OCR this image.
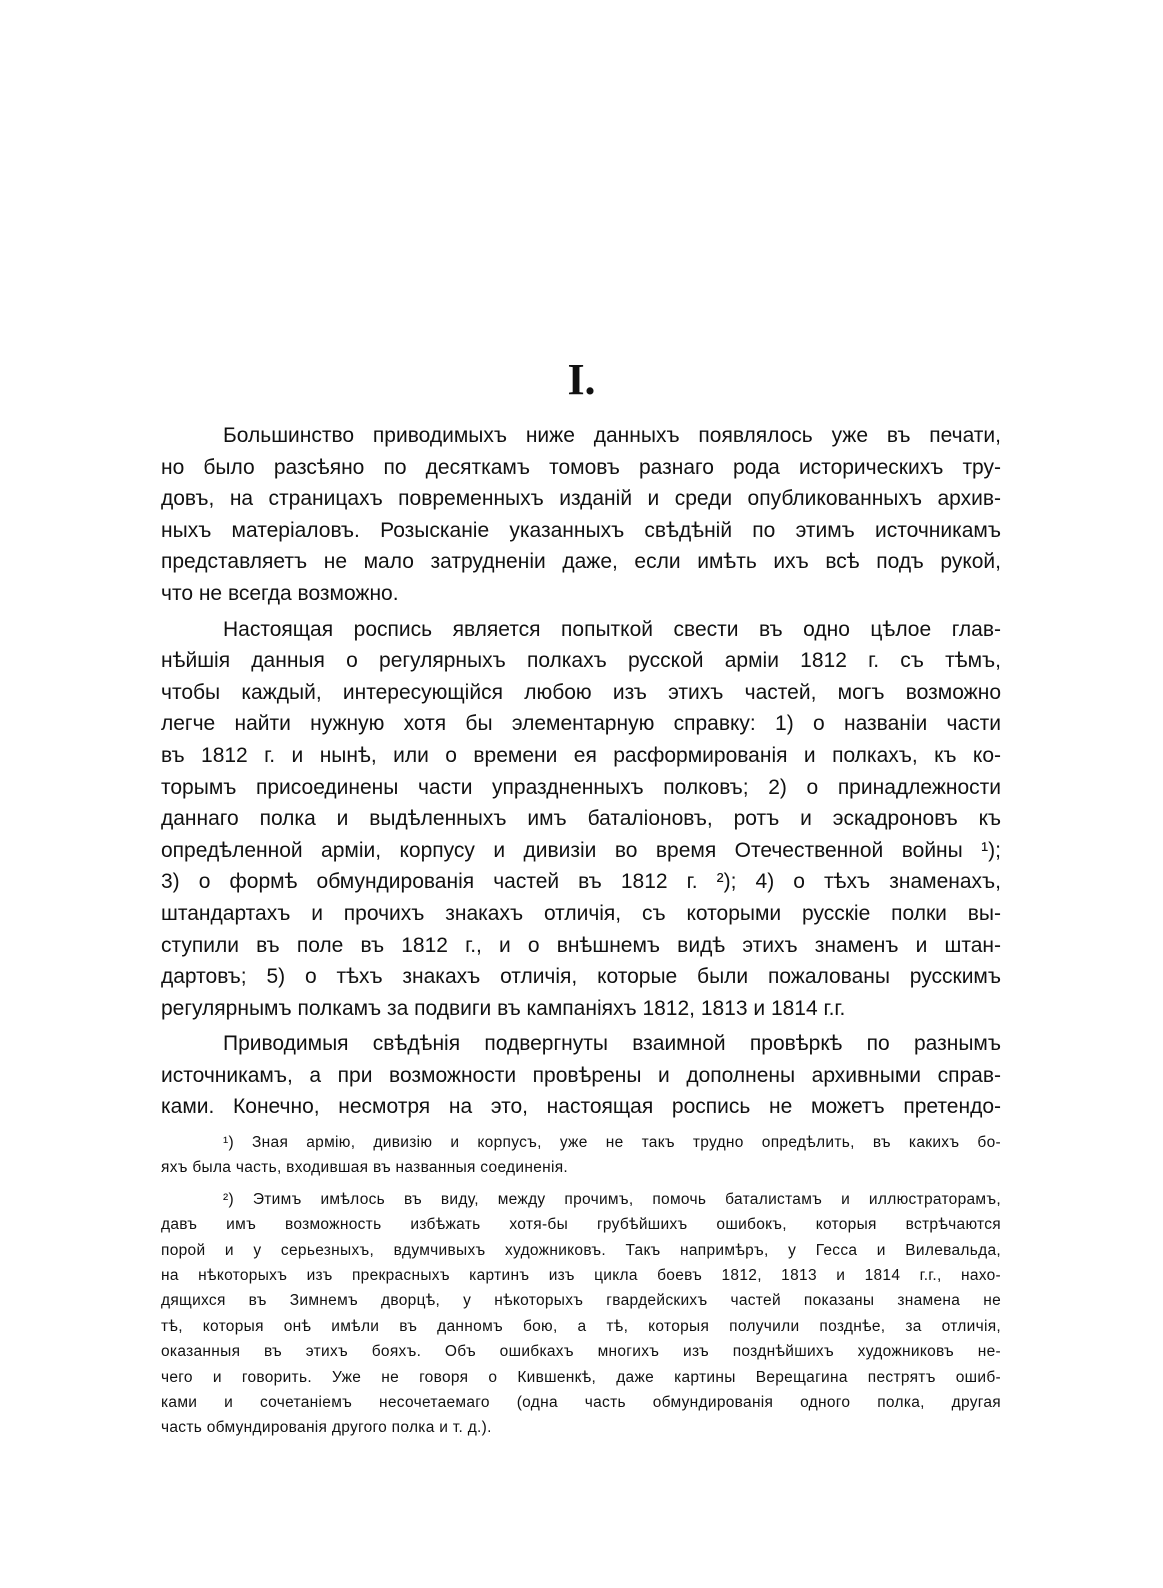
I.

Большинство приводимыхъ ниже данныхъ появлялось уже въ печати,
но было разсѣяно по десяткамъ томовъ разнаго рода историческихъ тру-
довъ, на страницахъ повременныхъ изданій и среди опубликованныхъ архив-
ныхъ матеріаловъ. Розысканіе указанныхъ свѣдѣній по этимъ источникамъ
представляетъ не мало затрудненіи даже, если имѣть ихъ всѣ подъ рукой,
что не всегда возможно.

Настоящая роспись является попыткой свести въ одно цѣлое глав-
нѣйшія данныя о регулярныхъ полкахъ русской арміи 1812 г. съ тѣмъ,
чтобы каждый, интересующійся любою изъ этихъ частей, могъ возможно
легче найти нужную хотя бы элементарную справку: 1) о названіи части
въ 1812 г. и нынѣ, или о времени ея расформированія и полкахъ, къ ко-
торымъ присоединены части упраздненныхъ полковъ; 2) о принадлежности
даннаго полка и выдѣленныхъ имъ баталіоновъ, ротъ и эскадроновъ къ
опредѣленной арміи, корпусу и дивизіи во время Отечественной войны ¹);
3) о формѣ обмундированія частей въ 1812 г. ²); 4) о тѣхъ знаменахъ,
штандартахъ и прочихъ знакахъ отличія, съ которыми русскіе полки вы-
ступили въ поле въ 1812 г., и о внѣшнемъ видѣ этихъ знаменъ и штан-
дартовъ; 5) о тѣхъ знакахъ отличія, которые были пожалованы русскимъ
регулярнымъ полкамъ за подвиги въ кампаніяхъ 1812, 1813 и 1814 г.г.

Приводимыя свѣдѣнія подвергнуты взаимной провѣркѣ по разнымъ
источникамъ, а при возможности провѣрены и дополнены архивными справ-
ками. Конечно, несмотря на это, настоящая роспись не можетъ претендо-

¹) Зная армію, дивизію и корпусъ, уже не такъ трудно опредѣлить, въ какихъ бо-
яхъ была часть, входившая въ названныя соединенія.

²) Этимъ имѣлось въ виду, между прочимъ, помочь баталистамъ и иллюстраторамъ,
давъ имъ возможность избѣжать хотя-бы грубѣйшихъ ошибокъ, которыя встрѣчаются
порой и у серьезныхъ, вдумчивыхъ художниковъ. Такъ напримѣръ, у Гесса и Вилевальда,
на нѣкоторыхъ изъ прекрасныхъ картинъ изъ цикла боевъ 1812, 1813 и 1814 г.г., нахо-
дящихся въ Зимнемъ дворцѣ, у нѣкоторыхъ гвардейскихъ частей показаны знамена не
тѣ, которыя онѣ имѣли въ данномъ бою, а тѣ, которыя получили позднѣе, за отличія,
оказанныя въ этихъ бояхъ. Объ ошибкахъ многихъ изъ позднѣйшихъ художниковъ не-
чего и говорить. Уже не говоря о Кившенкѣ, даже картины Верещагина пестрятъ ошиб-
ками и сочетаніемъ несочетаемаго (одна часть обмундированія одного полка, другая
часть обмундированія другого полка и т. д.).
